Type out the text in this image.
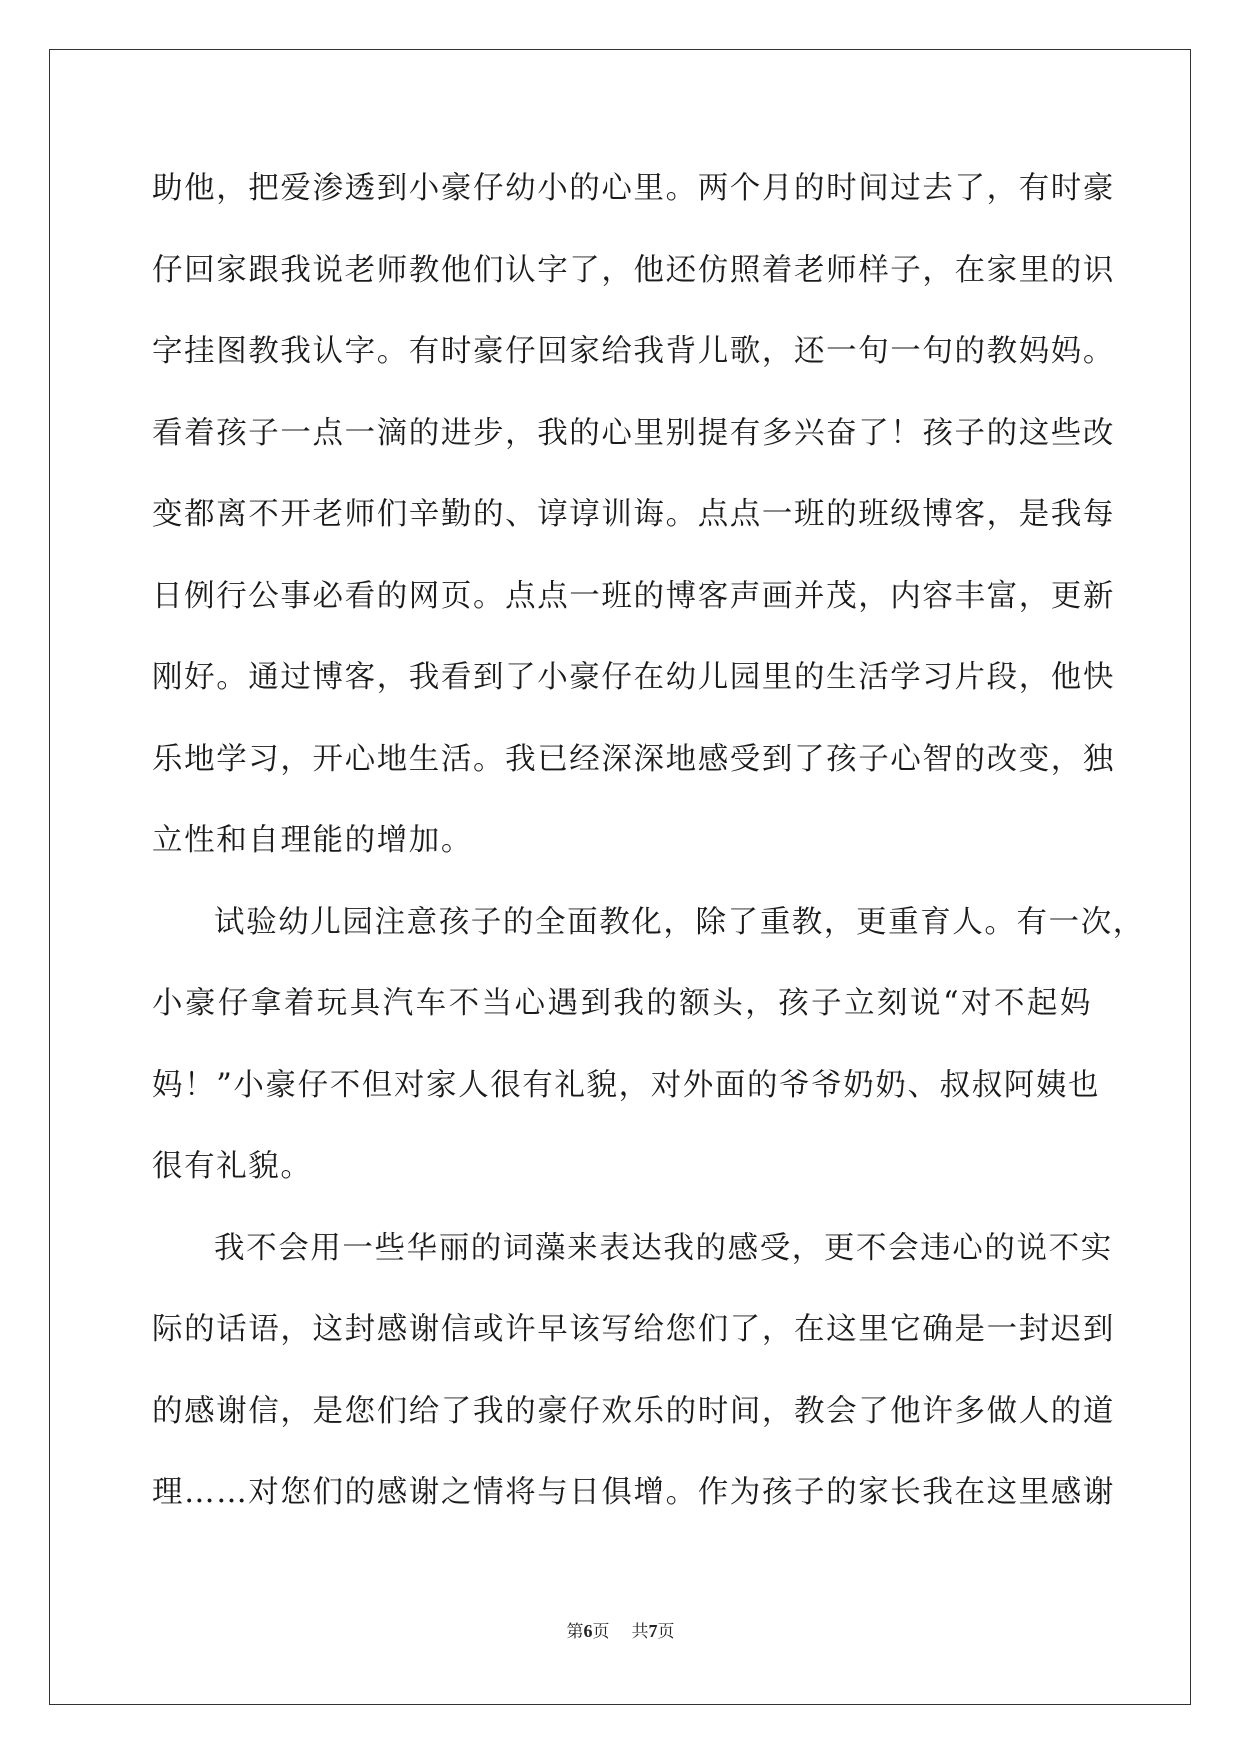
助他，把爱渗透到小豪仔幼小的心里。两个月的时间过去了，有时豪
仔回家跟我说老师教他们认字了，他还仿照着老师样子，在家里的识
字挂图教我认字。有时豪仔回家给我背儿歌，还一句一句的教妈妈。
看着孩子一点一滴的进步，我的心里别提有多兴奋了！孩子的这些改
变都离不开老师们辛勤的、谆谆训诲。点点一班的班级博客，是我每
日例行公事必看的网页。点点一班的博客声画并茂，内容丰富，更新
刚好。通过博客，我看到了小豪仔在幼儿园里的生活学习片段，他快
乐地学习，开心地生活。我已经深深地感受到了孩子心智的改变，独
立性和自理能的增加。
试验幼儿园注意孩子的全面教化，除了重教，更重育人。有一次，
小豪仔拿着玩具汽车不当心遇到我的额头，孩子立刻说“对不起妈
妈！”小豪仔不但对家人很有礼貌，对外面的爷爷奶奶、叔叔阿姨也
很有礼貌。
我不会用一些华丽的词藻来表达我的感受，更不会违心的说不实
际的话语，这封感谢信或许早该写给您们了，在这里它确是一封迟到
的感谢信，是您们给了我的豪仔欢乐的时间，教会了他许多做人的道
理……对您们的感谢之情将与日俱增。作为孩子的家长我在这里感谢
第6页 共7页
